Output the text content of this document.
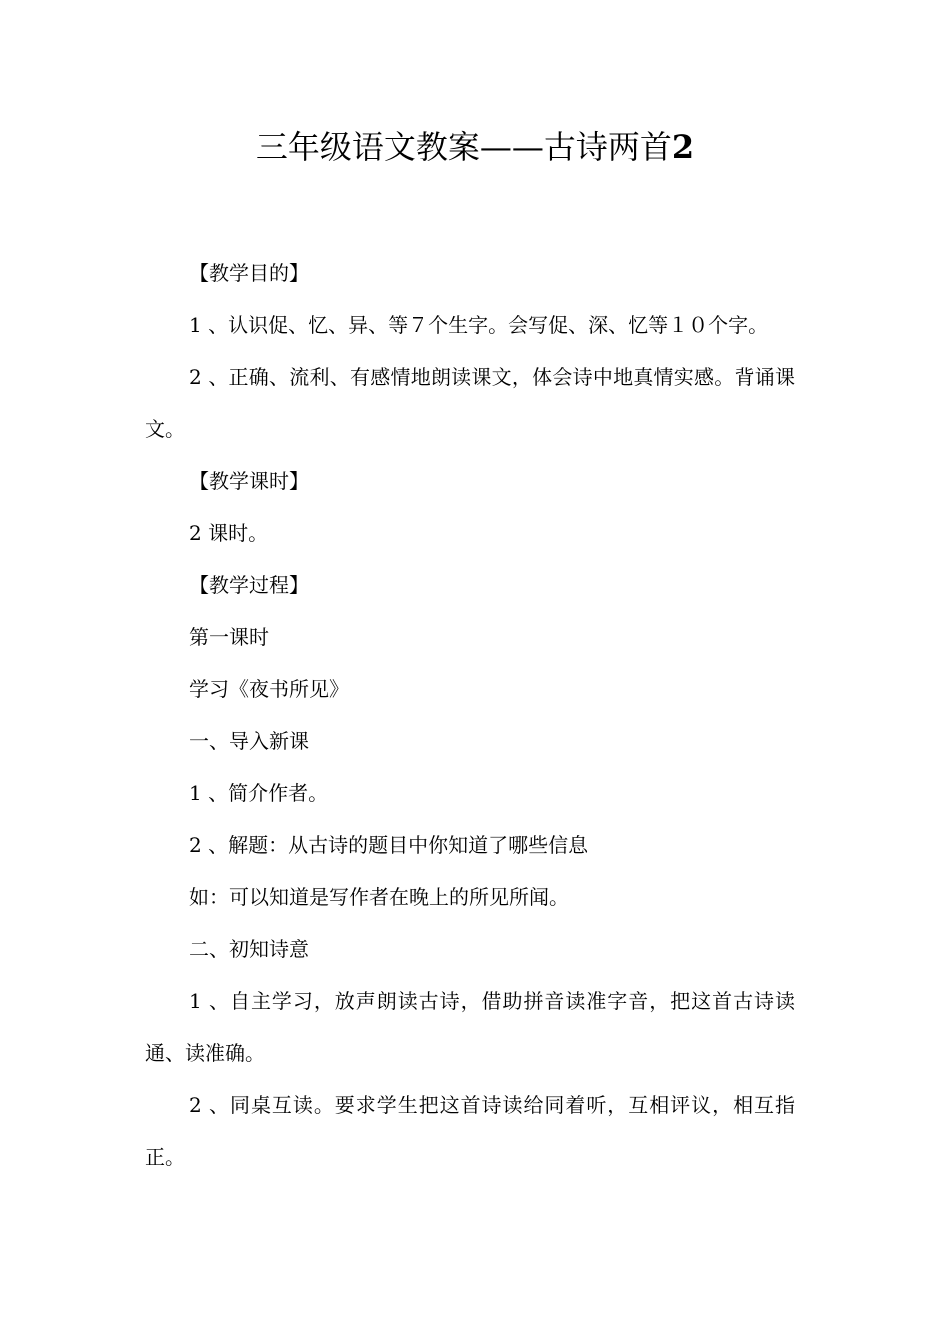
三年级语文教案——古诗两首2

【教学目的】

1 、认识促、忆、异、等７个生字。会写促、深、忆等１０个字。

2 、正确、流利、有感情地朗读课文，体会诗中地真情实感。背诵课文。

【教学课时】

2 课时。

【教学过程】

第一课时

学习《夜书所见》

一、导入新课

1 、简介作者。

2 、解题：从古诗的题目中你知道了哪些信息

如：可以知道是写作者在晚上的所见所闻。

二、初知诗意

1 、自主学习，放声朗读古诗，借助拼音读准字音，把这首古诗读通、读准确。

2 、同桌互读。要求学生把这首诗读给同着听，互相评议，相互指正。
